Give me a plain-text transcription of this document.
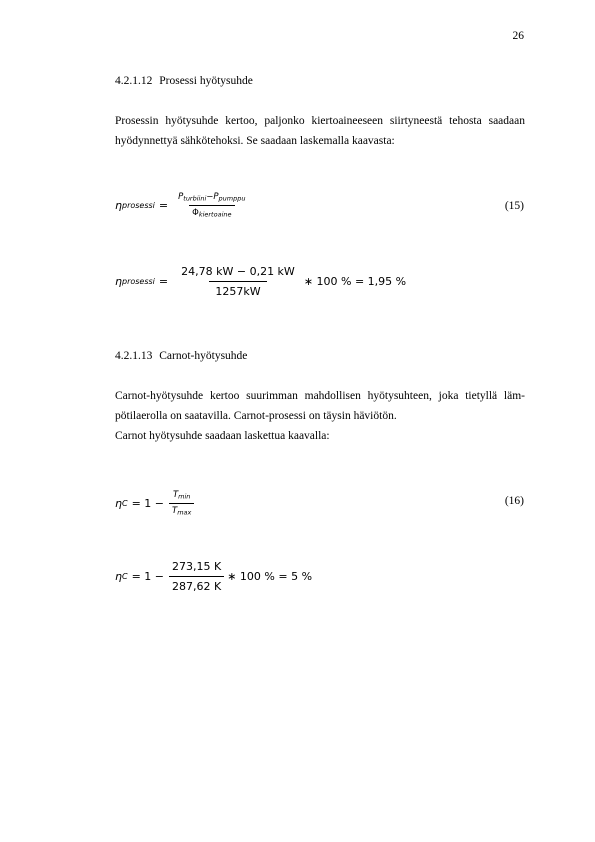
26
4.2.1.12 Prosessi hyötysuhde
Prosessin hyötysuhde kertoo, paljonko kiertoaineeseen siirtyneestä tehosta saadaan
hyödynnettyä sähkötehoksi. Se saadaan laskemalla kaavasta:
η prosessi = $\frac{\text{Pturbiini−Ppumppu}}{\text{Φkiertoaine}}$	(15)
η prosessi = $\frac{24,78 kW - 0,21 kW}{1257kW}$ ∗ 100 % = 1,95 %
4.2.1.13 Carnot-hyötysuhde
Carnot-hyötysuhde kertoo suurimman mahdollisen hyötysuhteen, joka tietyllä läm-
pötilaerolla on saatavilla. Carnot-prosessi on täysin häviötön.
Carnot hyötysuhde saadaan laskettua kaavalla:
η $C = 1 - \frac{Tmin}{Tmax}$	(16)
η $C = 1 - \frac{273,15 K}{287,62 K}$ ∗ 100 % = 5 %
